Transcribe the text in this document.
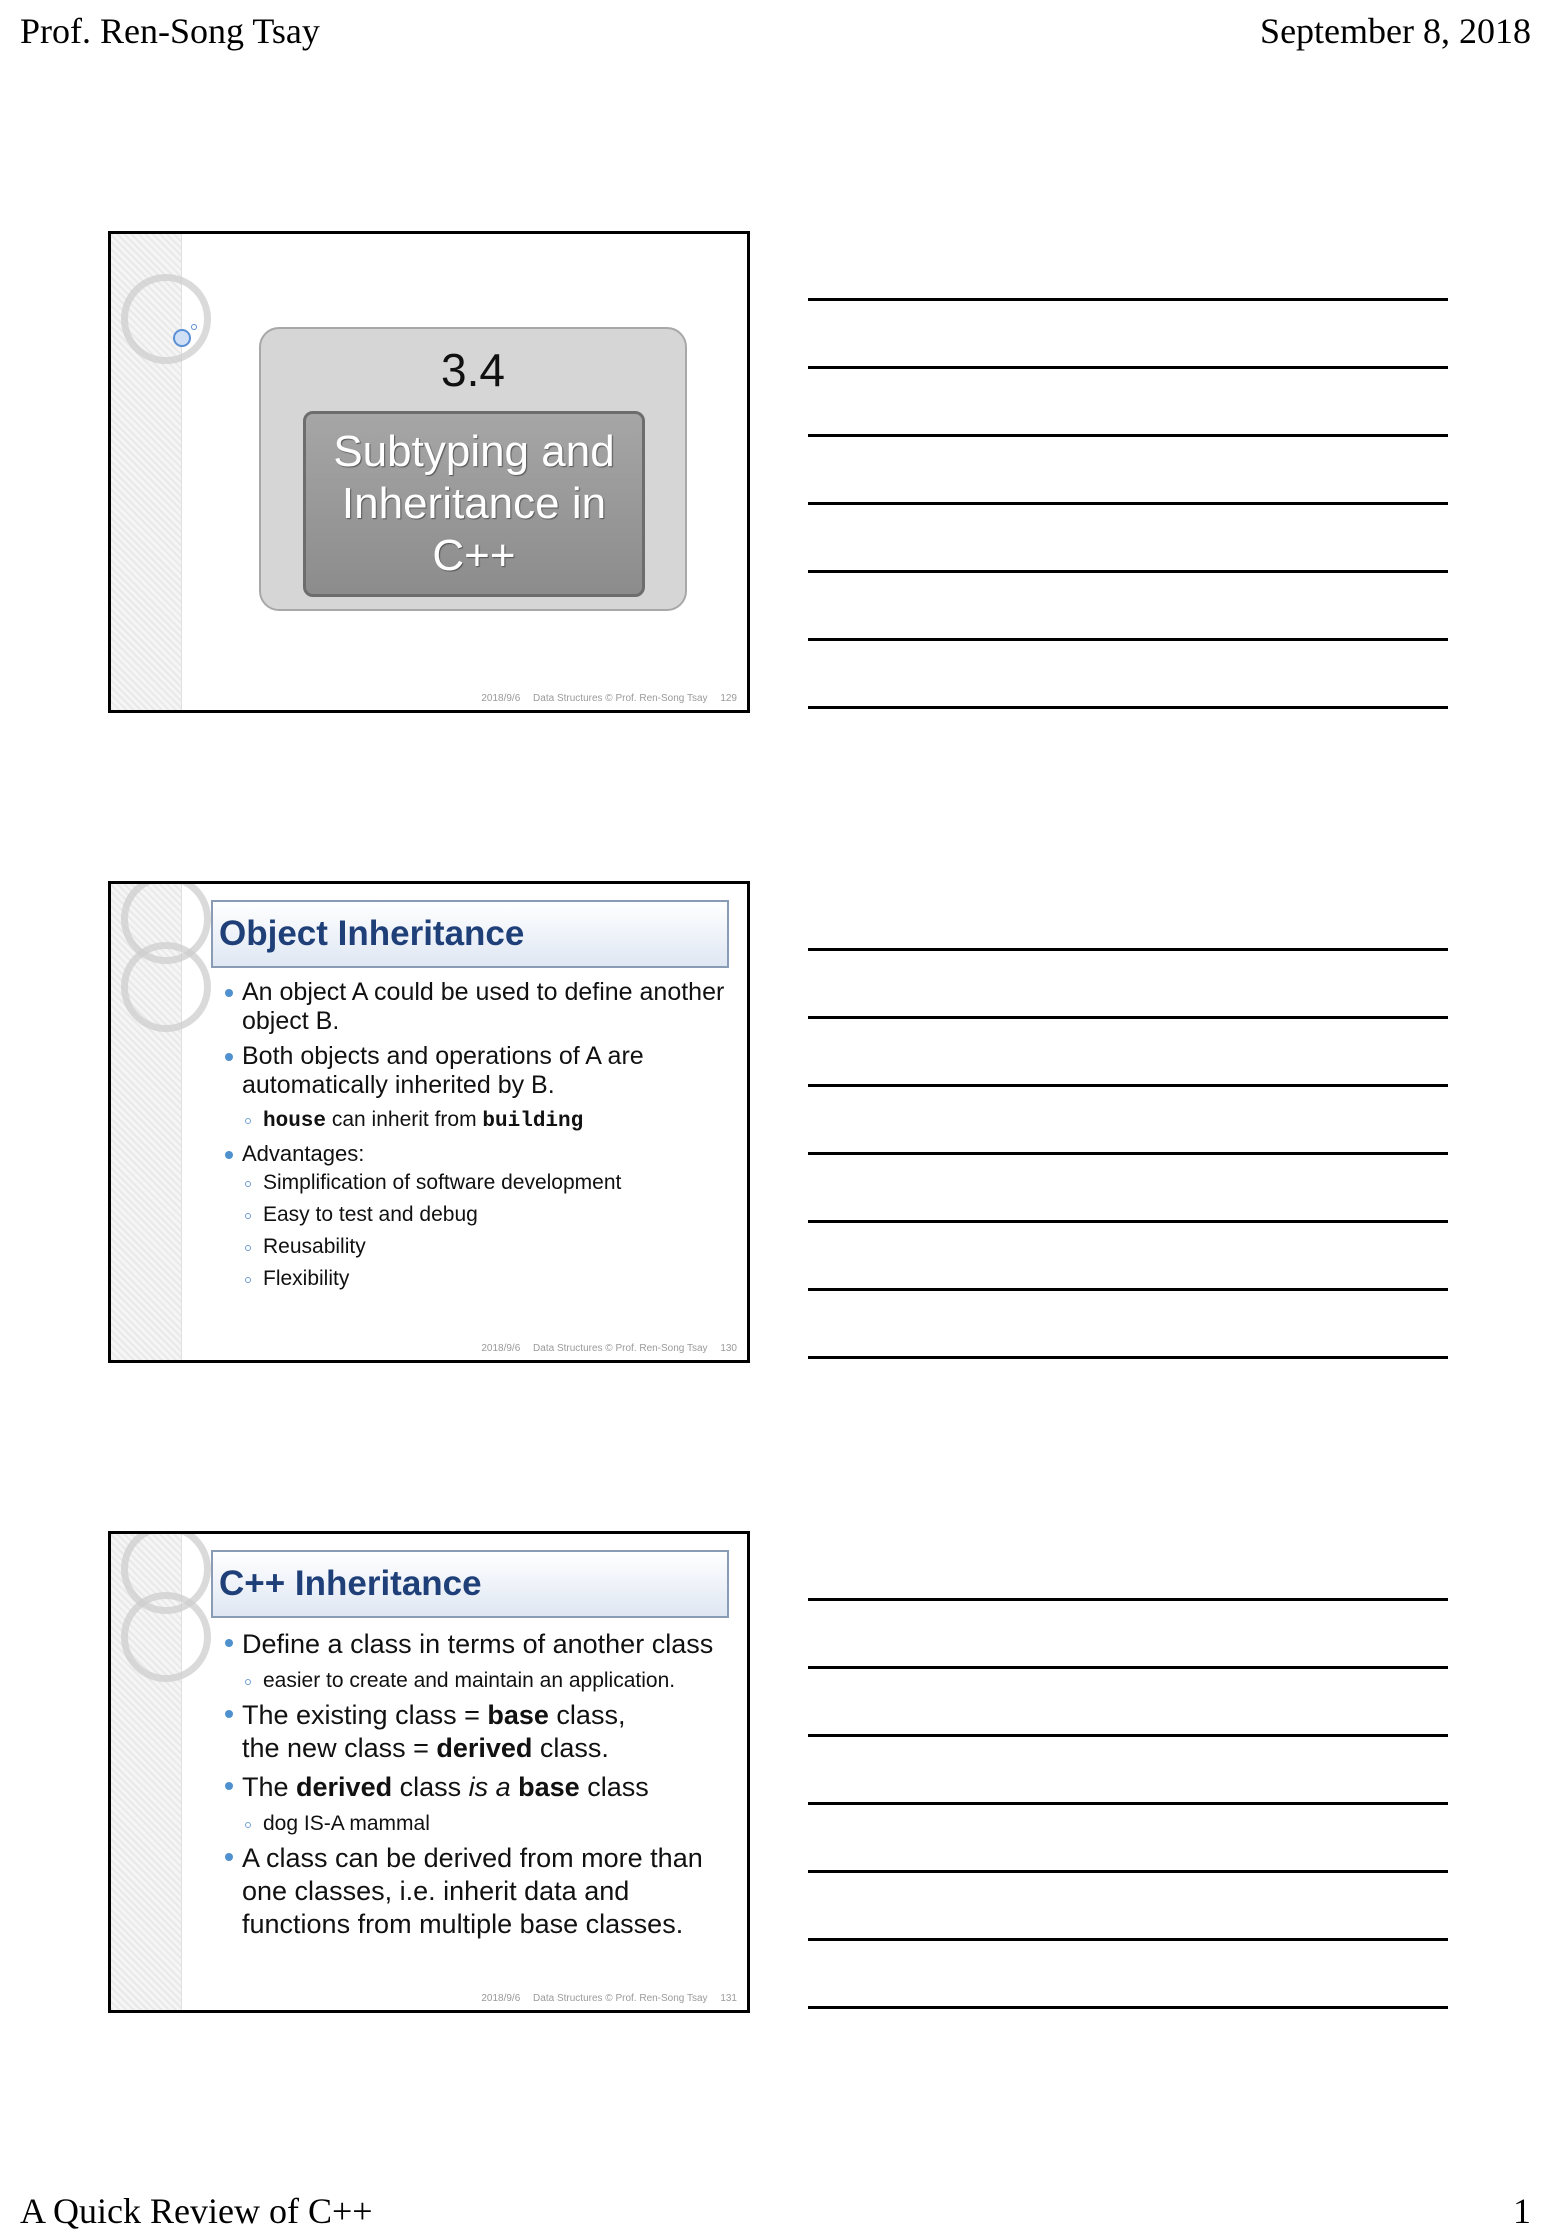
Prof. Ren-Song Tsay	September 8, 2018
3.4
Subtyping and
Inheritance in
C++
2018/9/6 Data Structures © Prof. Ren-Song Tsay 129
Object Inheritance
An object A could be used to define another object B.
Both objects and operations of A are automatically inherited by B.
house can inherit from building
Advantages:
Simplification of software development
Easy to test and debug
Reusability
Flexibility
2018/9/6 Data Structures © Prof. Ren-Song Tsay 130
C++ Inheritance
Define a class in terms of another class
easier to create and maintain an application.
The existing class = base class,
the new class = derived class.
The derived class is a base class
dog IS-A mammal
A class can be derived from more than one classes, i.e. inherit data and functions from multiple base classes.
2018/9/6 Data Structures © Prof. Ren-Song Tsay 131
A Quick Review of C++	1
